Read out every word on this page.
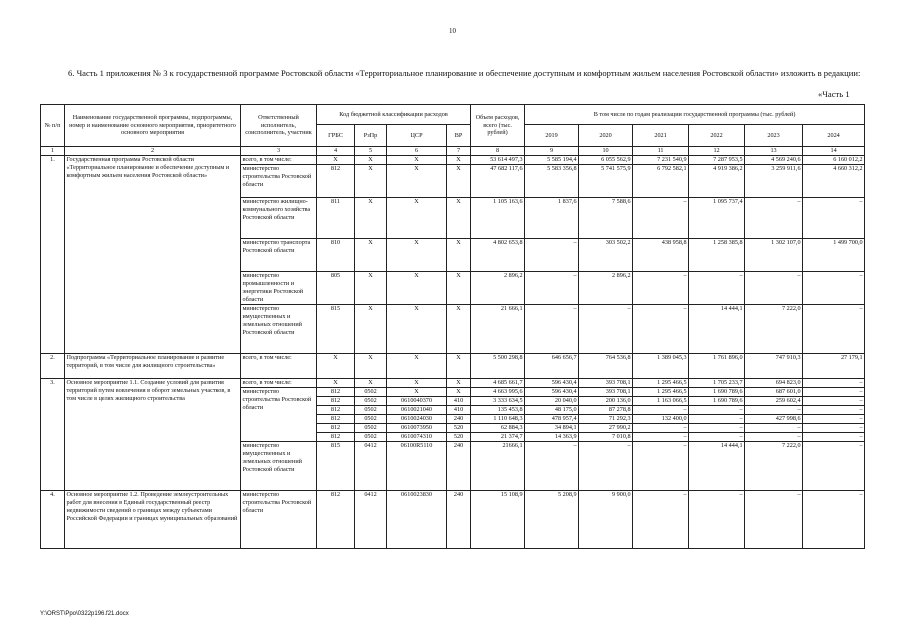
10
6. Часть 1 приложения № 3 к государственной программе Ростовской области «Территориальное планирование и обеспечение доступным и комфортным жильем населения Ростовской области» изложить в редакции:
«Часть 1
№ п/п	Наименование государственной программы, подпрограммы, номер и наименование основного мероприятия, приоритетного основного мероприятия	Ответственный исполнитель, соисполнитель, участник	Код бюджетной классификации расходов				Объем расходов, всего (тыс. рублей)	В том числе по годам реализации государственной программы (тыс. рублей)					
			ГРБС	РзПр	ЦСР	ВР		2019	2020	2021	2022	2023	2024
1	2	3	4	5	6	7	8	9	10	11	12	13	14
1.	Государственная программа Ростовской области «Территориальное планирование и обеспечение доступным и комфортным жильем населения Ростовской области»	всего, в том числе:	X	X	X	X	53 614 497,3	5 585 194,4	6 055 562,9	7 231 540,9	7 287 953,5	4 569 240,6	6 160 012,2
		министерство строительства Ростовской области	812	X	X	X	47 682 117,6	5 583 356,8	5 741 575,9	6 792 582,1	4 919 386,2	3 259 911,6	4 660 312,2
		министерство жилищно-коммунального хозяйства Ростовской области	811	X	X	X	1 105 163,6	1 837,6	7 588,6	–	1 095 737,4	–	–
		министерство транспорта Ростовской области	810	X	X	X	4 802 653,8	–	303 502,2	438 958,8	1 258 385,8	1 302 107,0	1 499 700,0
		министерство промышленности и энергетики Ростовской области	805	X	X	X	2 896,2	–	2 896,2	–	–	–	–
		министерство имущественных и земельных отношений Ростовской области	815	X	X	X	21 666,1	–	–	–	14 444,1	7 222,0	–
2.	Подпрограмма «Территориальное планирование и развитие территорий, в том числе для жилищного строительства»	всего, в том числе:	X	X	X	X	5 500 298,8	646 656,7	764 536,8	1 389 045,3	1 761 896,0	747 910,3	27 179,1
3.	Основное мероприятие 1.1. Создание условий для развития территорий путем вовлечения в оборот земельных участков, в том числе в целях жилищного строительства	всего, в том числе:	X	X	X	X	4 685 661,7	596 430,4	393 708,1	1 295 466,5	1 705 233,7	694 823,0	–
		министерство строительства Ростовской области	812	0502	X	X	4 663 995,6	596 430,4	393 708,1	1 295 466,5	1 690 789,6	687 601,0	–
			812	0502	0610040370	410	3 333 634,5	20 040,0	200 136,0	1 163 066,5	1 690 789,6	259 602,4	–
			812	0502	0610021040	410	135 453,8	48 175,0	87 278,8	–	–	–	–
			812	0502	0610024030	240	1 110 648,3	478 957,4	71 292,3	132 400,0	–	427 998,6	–
			812	0502	0610073950	520	62 884,3	34 894,1	27 990,2	–	–	–	–
			812	0502	0610074310	520	21 374,7	14 363,9	7 010,8	–	–	–	–
		министерство имущественных и земельных отношений Ростовской области	815	0412	06100R5110	240	21666,1	–	–	–	14 444,1	7 222,0	–
4.	Основное мероприятие 1.2. Проведение землеустроительных работ для внесения в Единый государственный реестр недвижимости сведений о границах между субъектами Российской Федерации и границах муниципальных образований	министерство строительства Ростовской области	812	0412	0610023830	240	15 108,9	5 208,9	9 900,0	–	–	–	–
Y:\ORST\Ppo\0322p196.f21.docx
